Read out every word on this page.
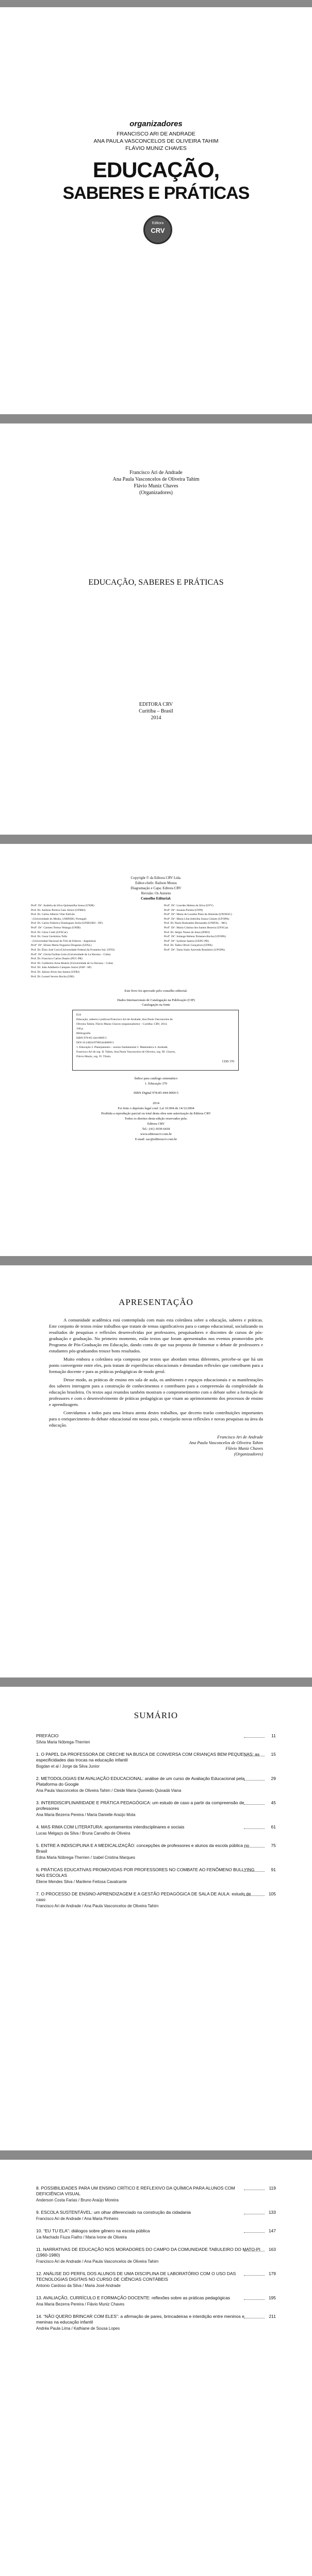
organizadores

FRANCISCO ARI DE ANDRADE

ANA PAULA VASCONCELOS DE OLIVEIRA TAHIM

FLÁVIO MUNIZ CHAVES

EDUCAÇÃO,

SABERES E PRÁTICAS

Editora
CRV

Francisco Ari de Andrade

Ana Paula Vasconcelos de Oliveira Tahim

Flávio Muniz Chaves

(Organizadores)

EDUCAÇÃO, SABERES E PRÁTICAS

EDITORA CRV

Curitiba – Brasil

2014

Copyright © da Editora CRV Ltda.

Editor-chefe: Railson Moura

Diagramação e Capa: Editora CRV

Revisão: Os Autores

Conselho Editorial:

Profª. Drª. Andréia da Silva Quintanilha Sousa (UNIR)
Prof. Dr. Antônio Pereira Gaio Júnior (UFRRJ)
Prof. Dr. Carlos Alberto Vilar Estêvão
- (Universidade do Minho, UMINHO, Portugal)
Prof. Dr. Carlos Federico Dominguez Avila (UNIEURO - DF)
Profª. Drª. Carmen Tereza Velanga (UNIR)
Prof. Dr. Celso Conti (UFSCar)
Prof. Dr. Cesar Gerónimo Tello
- (Universidad Nacional de Três de Febrero - Argentina)
Profª. Drª. Elione Maria Nogueira Diogenes (UFAL)
Prof. Dr. Élsio José Corá (Universidade Federal da Fronteira Sul, UFFS)
Profª. Drª. Gloria Fariñas León (Universidade de La Havana – Cuba)
Prof. Dr. Francisco Carlos Duarte (PUC-PR)
Prof. Dr. Guillermo Arias Beatón (Universidade de La Havana – Cuba)
Prof. Dr. João Adalberto Campato Junior (FAP - SP)
Prof. Dr. Jailson Alves dos Santos (UFRJ)
Prof. Dr. Leonel Severo Rocha (URI)
Profª. Drª. Lourdes Helena da Silva (UFV)
Profª. Drª. Josania Portela (UFPI)
Profª. Drª. Maria de Lourdes Pinto de Almeida (UNOESC)
Profª. Drª. Maria Lília Imbiriba Sousa Colares (UFOPA)
Prof. Dr. Paulo Romualdo Hernandes (UNIFAL - MG)
Profª. Drª. Maria Cristina dos Santos Bezerra (UFSCar)
Prof. Dr. Sérgio Nunes de Jesus (IFRO)
Profª. Drª. Solange Helena Ximenes-Rocha (UFOPA)
Profª. Drª. Sydione Santos (UEPG PR)
Prof. Dr. Tadeu Oliver Gonçalves (UFPA)
Profª. Drª. Tania Suely Azevedo Brasileiro (UFOPA)

Este livro foi aprovado pelo conselho editorial.

Dados Internacionais de Catalogação na Publicação (CIP)

Catalogação na fonte

E24
Educação, saberes e práticas/Francisco Ari de Andrade, Ana Paula Vasconcelos de
Oliveira Tahim, Flávio Muniz Chaves (organizadores) – Curitiba: CRV, 2014.
338 p.
Bibliografia
ISBN 978-85-444-0069-5
DOI 10.24824/978854440069.5
1. Educação 2. Planejamento – ensino fundamental 3. Matemática 4. Andrade,
Francisco Ari de org. II. Tahim, Ana Paula Vasconcelos de Oliveira, org. III. Chaves,
Flávio Muniz, org. IV. Título.
CDD 370

Índice para catálogo sistemático

1. Educação 370

ISBN Digital 978-85-444-0069-5

2014

Foi feito o depósito legal conf. Lei 10.994 de 14/12/2004

Proibida a reprodução parcial ou total desta obra sem autorização da Editora CRV

Todos os direitos desta edição reservados pela:

Editora CRV

Tel.: (41) 3039-6418

www.editoracrv.com.br

E-mail: sac@editoracrv.com.br

APRESENTAÇÃO

A comunidade acadêmica está contemplada com mais esta coletânea sobre a educação, saberes e práticas. Este conjunto de textos reúne trabalhos que tratam de temas significativos para o campo educacional, socializando os resultados de pesquisas e reflexões desenvolvidas por professores, pesquisadores e discentes de cursos de pós-graduação e graduação. No primeiro momento, estão textos que foram apresentados nos eventos promovidos pelo Programa de Pós-Graduação em Educação, dando conta de que sua proposta de fomentar o debate de professores e estudantes pós-graduandos trouxe bons resultados.

Muito embora a coletânea seja composta por textos que abordam temas diferentes, percebe-se que há um ponto convergente entre eles, pois tratam de experiências educacionais e demandam reflexões que contribuem para a formação docente e para as práticas pedagógicas de modo geral.

Desse modo, as práticas de ensino em sala de aula, os ambientes e espaços educacionais e as manifestações dos saberes interagem para a construção de conhecimentos e contribuem para a compreensão da complexidade da educação brasileira. Os textos aqui reunidos também mostram o comprometimento com o debate sobre a formação de professores e com o desenvolvimento de práticas pedagógicas que visam ao aprimoramento dos processos de ensino e aprendizagem.

Convidamos a todos para uma leitura atenta destes trabalhos, que decerto trarão contribuições importantes para o enriquecimento do debate educacional em nosso país, e ensejarão novas reflexões e novas pesquisas na área da educação.

Francisco Ari de Andrade
Ana Paula Vasconcelos de Oliveira Tahim
Flávio Muniz Chaves
(Organizadores)

SUMÁRIO

PREFÁCIO
Sílvia Maria Nóbrega-Therrien
11
1. O PAPEL DA PROFESSORA DE CRECHE NA BUSCA DE CONVERSA COM CRIANÇAS BEM PEQUENAS: as especificidades das trocas na educação infantil
Bogdan et al / Jorge da Silva Junior
15
2. METODOLOGIAS EM AVALIAÇÃO EDUCACIONAL: análise de um curso de Avaliação Educacional pela Plataforma do Google
Ana Paula Vasconcelos de Oliveira Tahim / Cleide Maria Quevedo Quixadá Viana
29
3. INTERDISCIPLINARIDADE E PRÁTICA PEDAGÓGICA: um estudo de caso a partir da compreensão de professores
Ana Maria Bezerra Pereira / Maria Danielle Araújo Mota
45
4. MAS RIMA COM LITERATURA: apontamentos interdisciplinares e sociais
Lucas Melgaço da Silva / Bruna Carvalho de Oliveira
61
5. ENTRE A INDISCIPLINA E A MEDICALIZAÇÃO: concepções de professores e alunos da escola pública no Brasil
Edna Maria Nóbrega-Therrien / Izabel Cristina Marques
75
6. PRÁTICAS EDUCATIVAS PROMOVIDAS POR PROFESSORES NO COMBATE AO FENÔMENO BULLYING NAS ESCOLAS
Eliene Mendes Silva / Marilene Feitosa Cavalcante
91
7. O PROCESSO DE ENSINO-APRENDIZAGEM E A GESTÃO PEDAGÓGICA DE SALA DE AULA: estudo de caso
Francisco Ari de Andrade / Ana Paula Vasconcelos de Oliveira Tahim
105
8. POSSIBILIDADES PARA UM ENSINO CRÍTICO E REFLEXIVO DA QUÍMICA PARA ALUNOS COM DEFICIÊNCIA VISUAL
Anderson Costa Farias / Bruno Araújo Moreira
119
9. ESCOLA SUSTENTÁVEL: um olhar diferenciado na construção da cidadania
Francisco Ari de Andrade / Ana Maria Pinheiro
133
10. “EU TU ELA”: diálogos sobre gênero na escola pública
Lia Machado Fiuza Fialho / Maria Ivone de Oliveira
147
11. NARRATIVAS DE EDUCAÇÃO NOS MORADORES DO CAMPO DA COMUNIDADE TABULEIRO DO MATO-PI (1960-1980)
Francisco Ari de Andrade / Ana Paula Vasconcelos de Oliveira Tahim
163
12. ANÁLISE DO PERFIL DOS ALUNOS DE UMA DISCIPLINA DE LABORATÓRIO COM O USO DAS TECNOLOGIAS DIGITAIS NO CURSO DE CIÊNCIAS CONTÁBEIS
Antonio Cardoso da Silva / Maria José Andrade
179
13. AVALIAÇÃO, CURRÍCULO E FORMAÇÃO DOCENTE: reflexões sobre as práticas pedagógicas
Ana Maria Bezerra Pereira / Flávio Muniz Chaves
195
14. “NÃO QUERO BRINCAR COM ELES”: a afirmação de pares, brincadeiras e interdição entre meninos e meninas na educação infantil
Andréa Paula Lima / Kathiane de Sousa Lopes
211
